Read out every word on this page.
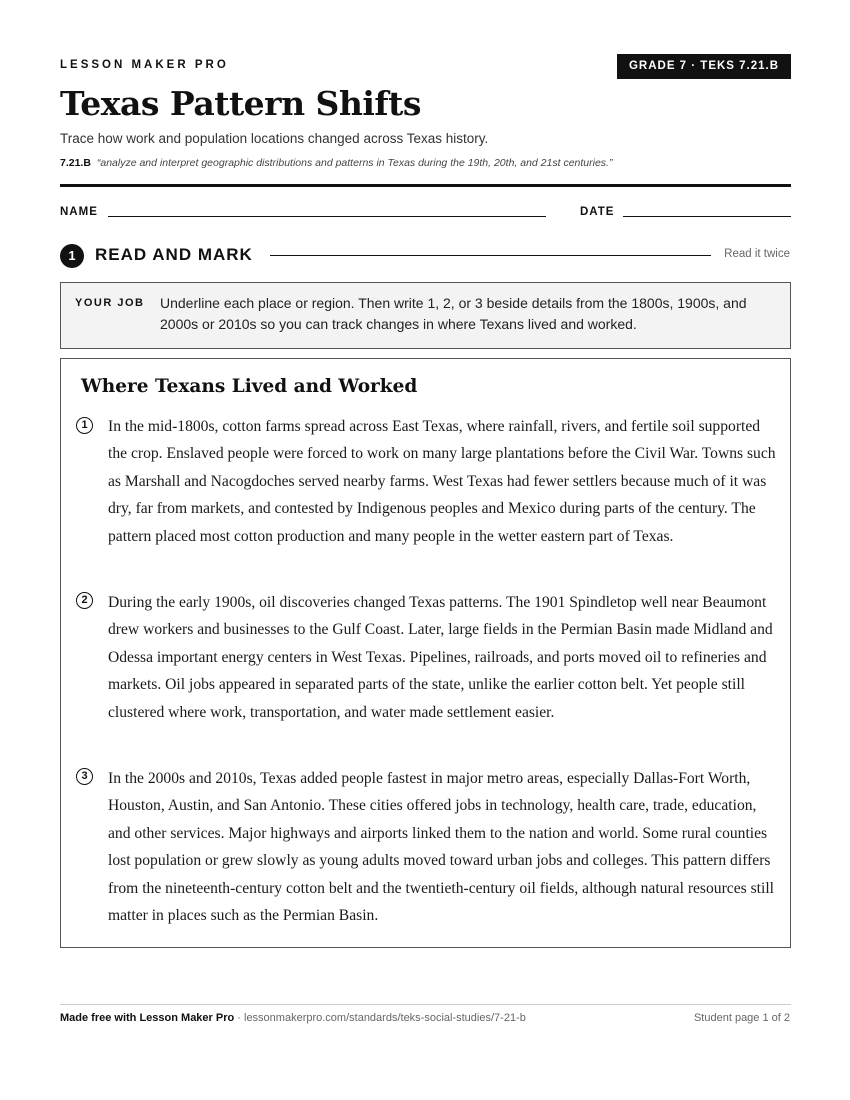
LESSON MAKER PRO	GRADE 7 · TEKS 7.21.B
Texas Pattern Shifts
Trace how work and population locations changed across Texas history.
7.21.B “analyze and interpret geographic distributions and patterns in Texas during the 19th, 20th, and 21st centuries.”
NAME	DATE
1	READ AND MARK	Read it twice
YOUR JOB Underline each place or region. Then write 1, 2, or 3 beside details from the 1800s, 1900s, and 2000s or 2010s so you can track changes in where Texans lived and worked.
Where Texans Lived and Worked
1	In the mid-1800s, cotton farms spread across East Texas, where rainfall, rivers, and fertile soil supported the crop. Enslaved people were forced to work on many large plantations before the Civil War. Towns such as Marshall and Nacogdoches served nearby farms. West Texas had fewer settlers because much of it was dry, far from markets, and contested by Indigenous peoples and Mexico during parts of the century. The pattern placed most cotton production and many people in the wetter eastern part of Texas.

2	During the early 1900s, oil discoveries changed Texas patterns. The 1901 Spindletop well near Beaumont drew workers and businesses to the Gulf Coast. Later, large fields in the Permian Basin made Midland and Odessa important energy centers in West Texas. Pipelines, railroads, and ports moved oil to refineries and markets. Oil jobs appeared in separated parts of the state, unlike the earlier cotton belt. Yet people still clustered where work, transportation, and water made settlement easier.

3	In the 2000s and 2010s, Texas added people fastest in major metro areas, especially Dallas-Fort Worth, Houston, Austin, and San Antonio. These cities offered jobs in technology, health care, trade, education, and other services. Major highways and airports linked them to the nation and world. Some rural counties lost population or grew slowly as young adults moved toward urban jobs and colleges. This pattern differs from the nineteenth-century cotton belt and the twentieth-century oil fields, although natural resources still matter in places such as the Permian Basin.

Made free with Lesson Maker Pro · lessonmakerpro.com/standards/teks-social-studies/7-21-b	Student page 1 of 2
